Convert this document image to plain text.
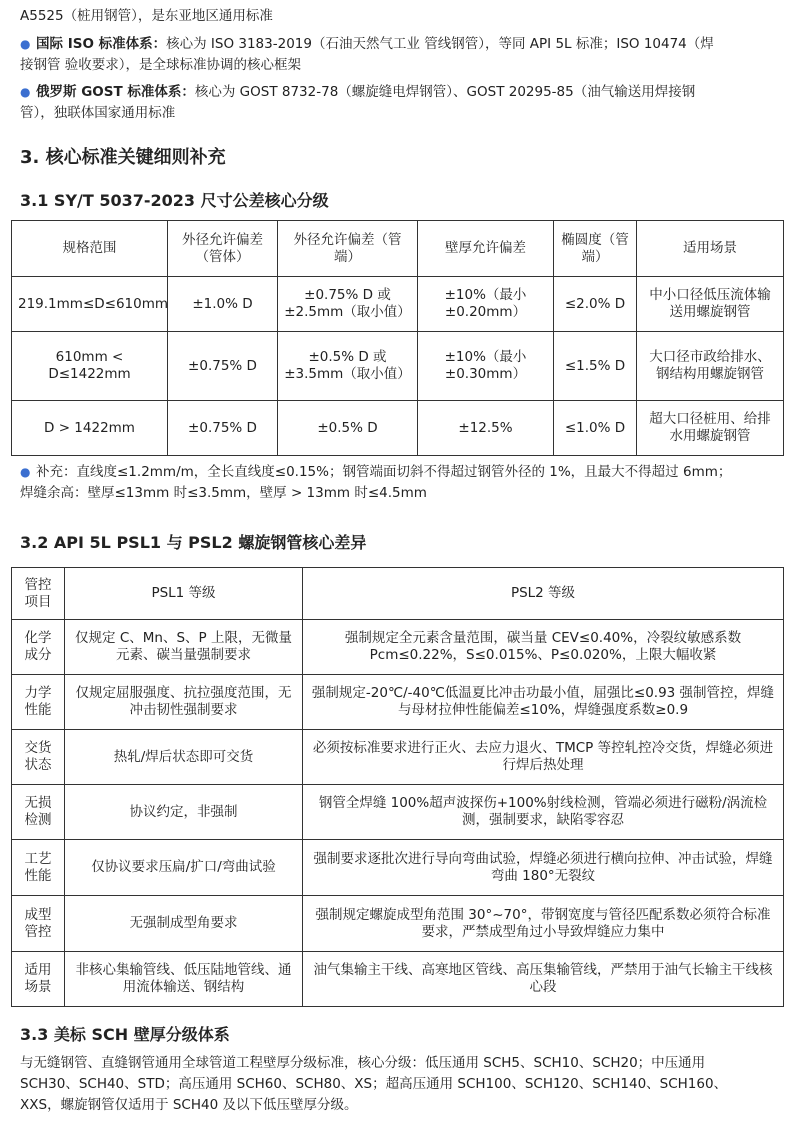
A5525（桩用钢管），是东亚地区通用标准
● 国际 ISO 标准体系：核心为 ISO 3183-2019（石油天然气工业 管线钢管），等同 API 5L 标准；ISO 10474（焊
接钢管 验收要求），是全球标准协调的核心框架
● 俄罗斯 GOST 标准体系：核心为 GOST 8732-78（螺旋缝电焊钢管）、GOST 20295-85（油气输送用焊接钢
管），独联体国家通用标准
3. 核心标准关键细则补充
3.1 SY/T 5037-2023 尺寸公差核心分级
规格范围	外径允许偏差（管体）	外径允许偏差（管端）	壁厚允许偏差	椭圆度（管端）	适用场景
219.1mm≤D≤610mm	±1.0% D	±0.75% D 或 ±2.5mm（取小值）	±10%（最小 ±0.20mm）	≤2.0% D	中小口径低压流体输送用螺旋钢管
610mm < D≤1422mm	±0.75% D	±0.5% D 或 ±3.5mm（取小值）	±10%（最小 ±0.30mm）	≤1.5% D	大口径市政给排水、钢结构用螺旋钢管
D > 1422mm	±0.75% D	±0.5% D	±12.5%	≤1.0% D	超大口径桩用、给排水用螺旋钢管
● 补充：直线度≤1.2mm/m，全长直线度≤0.15%；钢管端面切斜不得超过钢管外径的 1%，且最大不得超过 6mm；
焊缝余高：壁厚≤13mm 时≤3.5mm，壁厚 > 13mm 时≤4.5mm
3.2 API 5L PSL1 与 PSL2 螺旋钢管核心差异
管控项目	PSL1 等级	PSL2 等级
化学成分	仅规定 C、Mn、S、P 上限，无微量元素、碳当量强制要求	强制规定全元素含量范围，碳当量 CEV≤0.40%，冷裂纹敏感系数 Pcm≤0.22%，S≤0.015%、P≤0.020%，上限大幅收紧
力学性能	仅规定屈服强度、抗拉强度范围，无冲击韧性强制要求	强制规定-20℃/-40℃低温夏比冲击功最小值，屈强比≤0.93 强制管控，焊缝与母材拉伸性能偏差≤10%，焊缝强度系数≥0.9
交货状态	热轧/焊后状态即可交货	必须按标准要求进行正火、去应力退火、TMCP 等控轧控冷交货，焊缝必须进行焊后热处理
无损检测	协议约定，非强制	钢管全焊缝 100%超声波探伤+100%射线检测，管端必须进行磁粉/涡流检测，强制要求，缺陷零容忍
工艺性能	仅协议要求压扁/扩口/弯曲试验	强制要求逐批次进行导向弯曲试验，焊缝必须进行横向拉伸、冲击试验，焊缝弯曲 180°无裂纹
成型管控	无强制成型角要求	强制规定螺旋成型角范围 30°~70°，带钢宽度与管径匹配系数必须符合标准要求，严禁成型角过小导致焊缝应力集中
适用场景	非核心集输管线、低压陆地管线、通用流体输送、钢结构	油气集输主干线、高寒地区管线、高压集输管线，严禁用于油气长输主干线核心段
3.3 美标 SCH 壁厚分级体系
与无缝钢管、直缝钢管通用全球管道工程壁厚分级标准，核心分级：低压通用 SCH5、SCH10、SCH20；中压通用
SCH30、SCH40、STD；高压通用 SCH60、SCH80、XS；超高压通用 SCH100、SCH120、SCH140、SCH160、
XXS，螺旋钢管仅适用于 SCH40 及以下低压壁厚分级。
